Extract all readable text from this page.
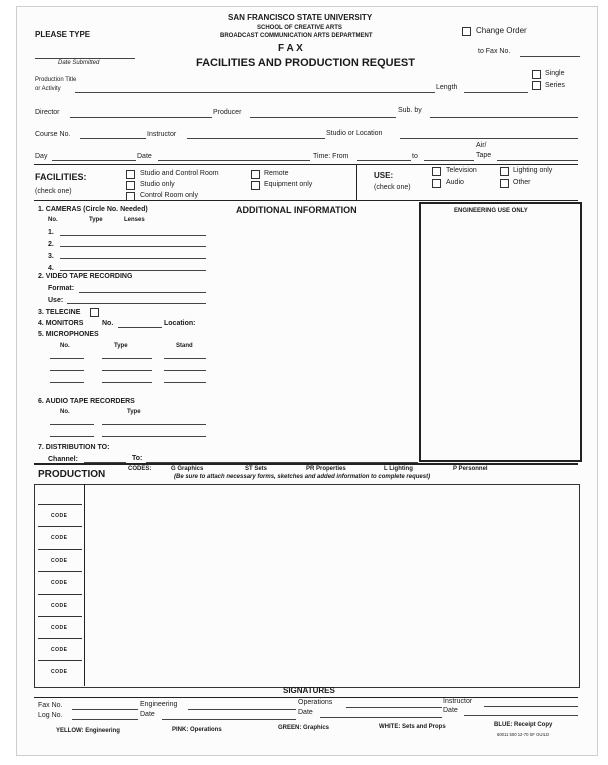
PLEASE TYPE
Date Submitted
SAN FRANCISCO STATE UNIVERSITY
SCHOOL OF CREATIVE ARTS
BROADCAST COMMUNICATION ARTS DEPARTMENT
F A X
FACILITIES AND PRODUCTION REQUEST
Change Order
to Fax No.
Single
Series
Production Title
or Activity	Length
Director	Producer	Sub. by
Course No.	Instructor	Studio or Location
Air/
Day	Date	Time: From	to	Tape
FACILITIES:
(check one)
Studio and Control Room
Studio only
Control Room only
Remote
Equipment only
USE:
(check one)
Television
Audio
Lighting only
Other
1. CAMERAS (Circle No. Needed)
No.	Type	Lenses
1.
2.
3.
4.
ADDITIONAL INFORMATION	ENGINEERING USE ONLY
2. VIDEO TAPE RECORDING
Format:
Use:
3. TELECINE
4. MONITORS	No.	Location:
5. MICROPHONES
No.	Type	Stand
6. AUDIO TAPE RECORDERS
No.	Type
7. DISTRIBUTION TO:
Channel:	To:
PRODUCTION	CODES:	G Graphics	ST Sets	PR Properties	L Lighting	P Personnel
(Be sure to attach necessary forms, sketches and added information to complete request)
CODE
CODE
CODE
CODE
CODE
CODE
CODE
CODE
SIGNATURES
Fax No.	Engineering	Operations	Instructor
Log No.	Date	Date	Date
YELLOW: Engineering	PINK: Operations	GREEN: Graphics	WHITE: Sets and Props	BLUE: Receipt Copy
60011 500 12-70 SF GUILD
